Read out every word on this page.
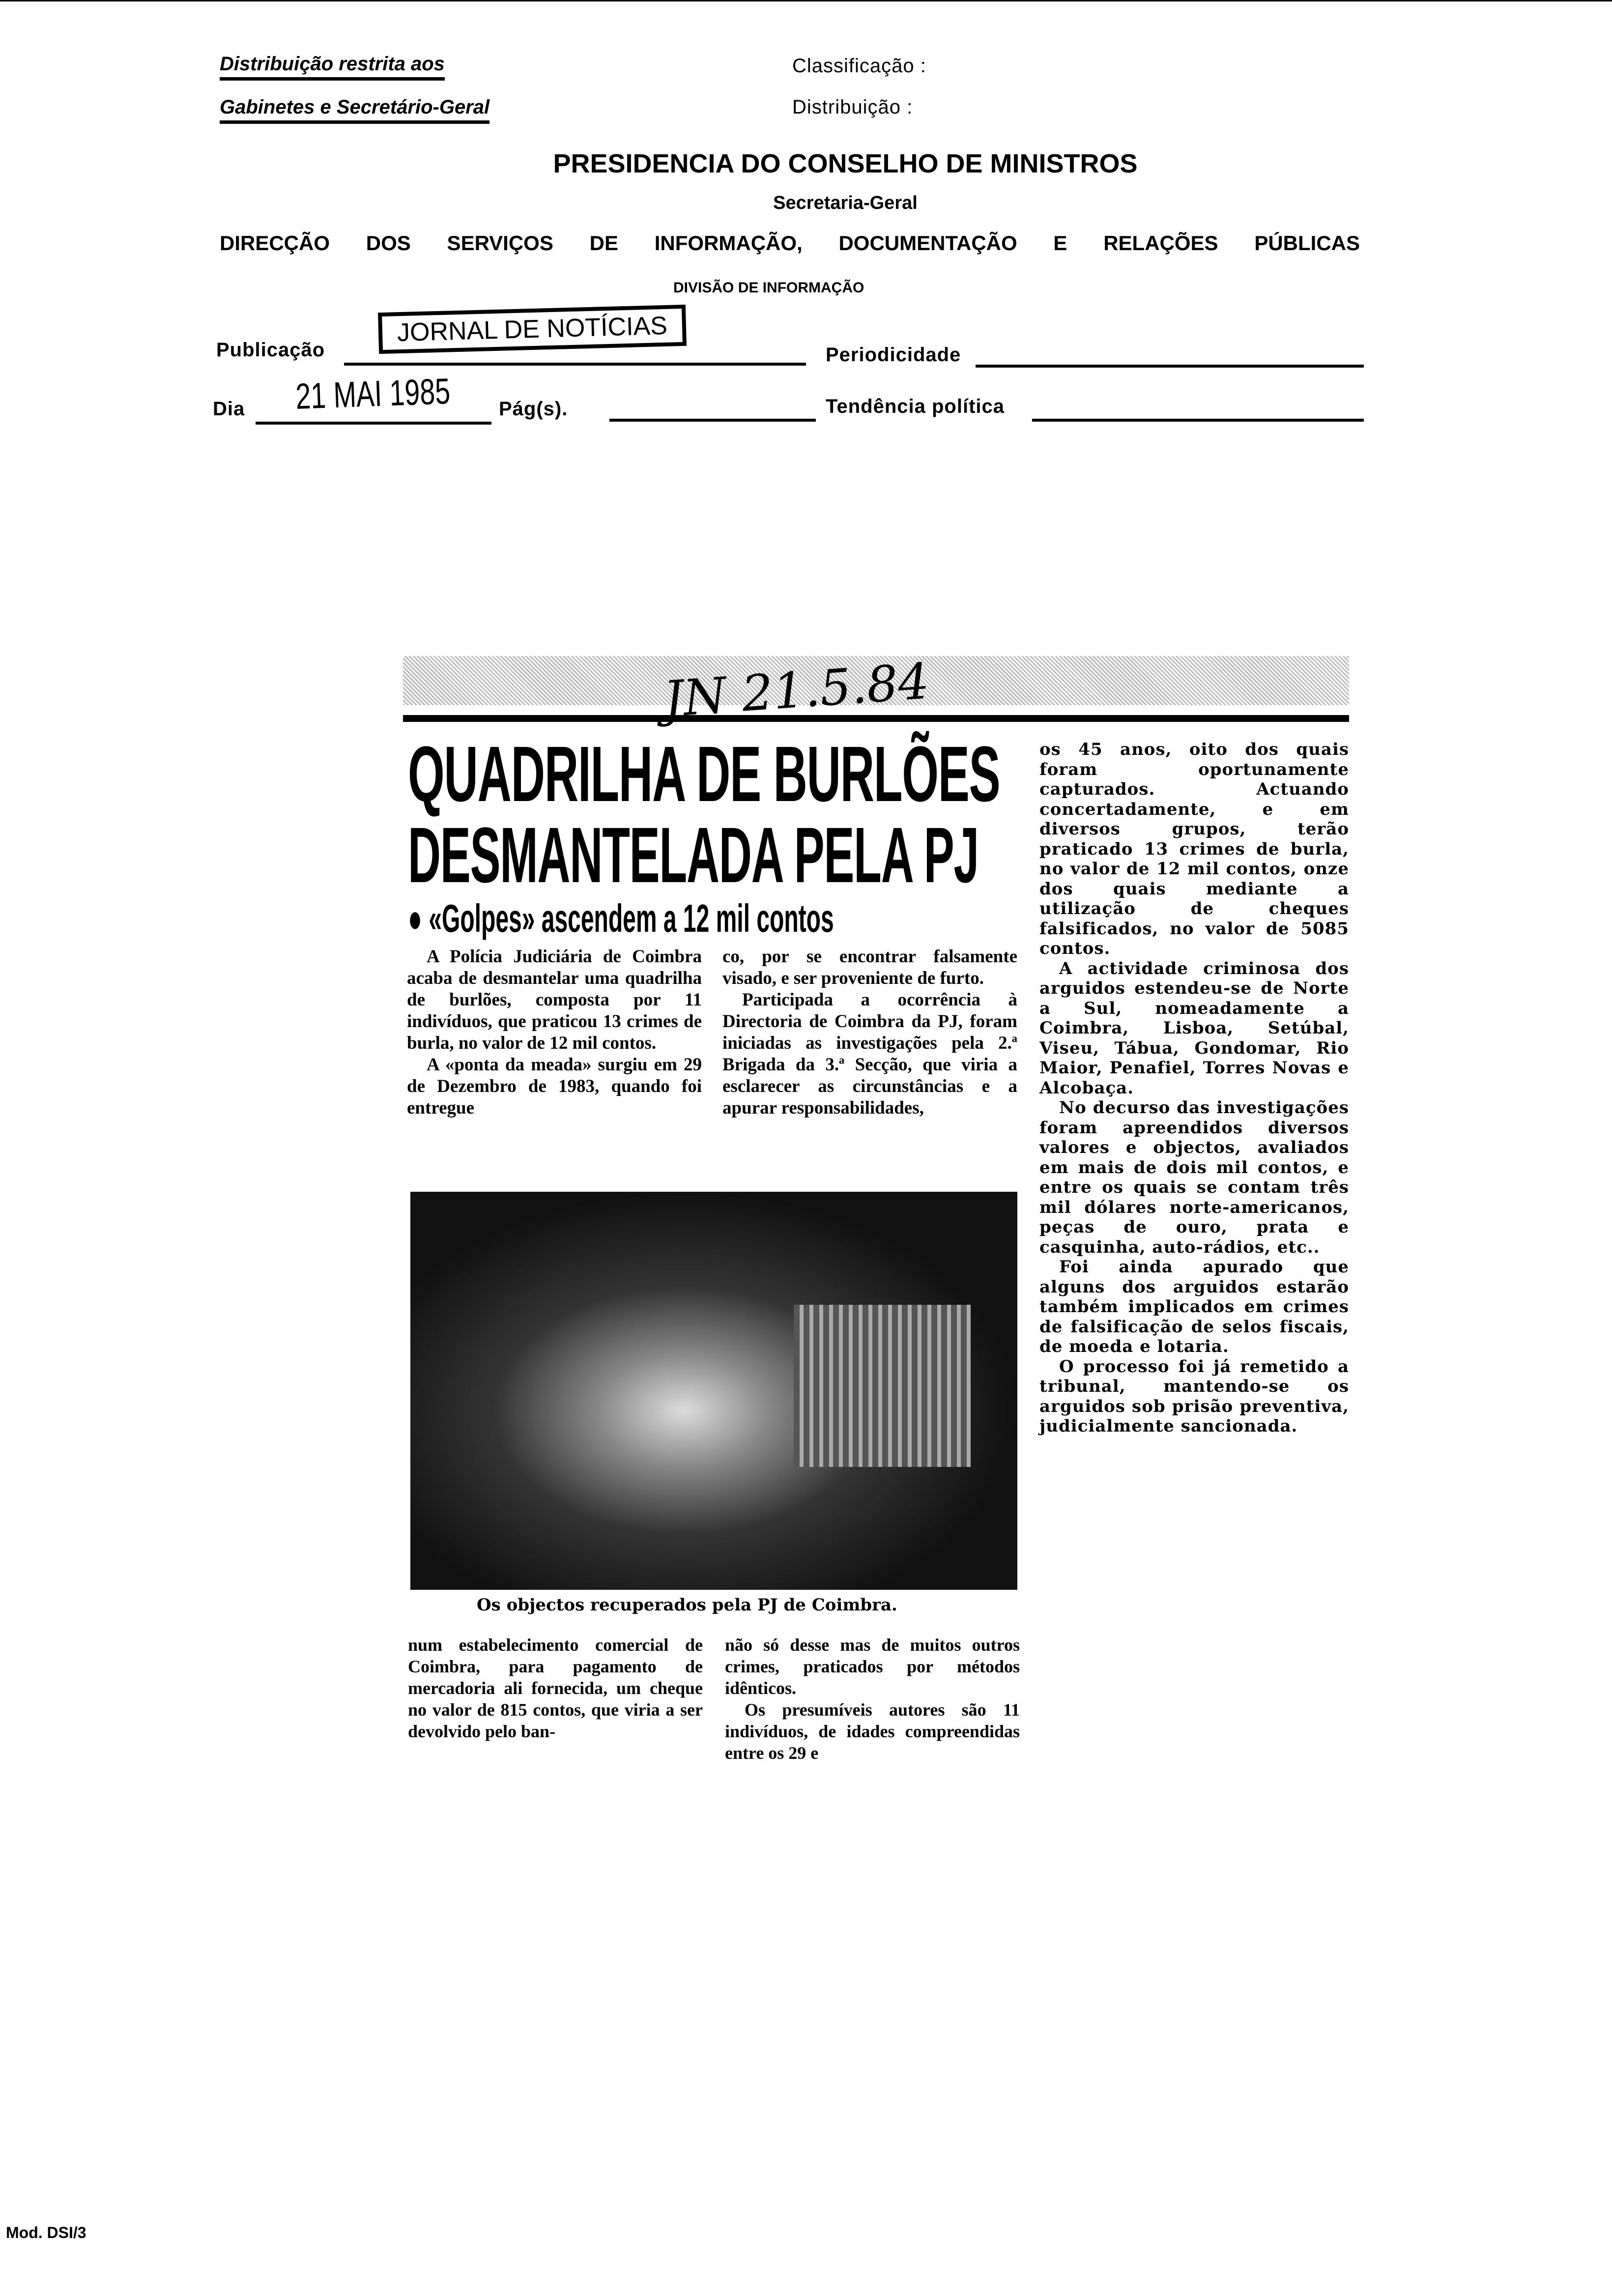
Distribuição restrita aos
Gabinetes e Secretário-Geral
Classificação :
Distribuição :
PRESIDENCIA DO CONSELHO DE MINISTROS
Secretaria-Geral
DIRECÇÃO DOS SERVIÇOS DE INFORMAÇÃO, DOCUMENTAÇÃO E RELAÇÕES PÚBLICAS
DIVISÃO DE INFORMAÇÃO
Publicação
JORNAL DE NOTÍCIAS
Periodicidade
Dia 21 MAI 1985 Pág(s).	Tendência política
JN 21.5.84
QUADRILHA DE BURLÕES
DESMANTELADA PELA PJ
● «Golpes» ascendem a 12 mil contos

A Polícia Judiciária de Coimbra acaba de desmantelar uma quadrilha de burlões, composta por 11 indivíduos, que praticou 13 crimes de burla, no valor de 12 mil contos.

A «ponta da meada» surgiu em 29 de Dezembro de 1983, quando foi entregue

co, por se encontrar falsamente visado, e ser proveniente de furto.

Participada a ocorrência à Directoria de Coimbra da PJ, foram iniciadas as investigações pela 2.ª Brigada da 3.ª Secção, que viria a esclarecer as circunstâncias e a apurar responsabilidades,

Os objectos recuperados pela PJ de Coimbra.

num estabelecimento comercial de Coimbra, para pagamento de mercadoria ali fornecida, um cheque no valor de 815 contos, que viria a ser devolvido pelo ban-

não só desse mas de muitos outros crimes, praticados por métodos idênticos.

Os presumíveis autores são 11 indivíduos, de idades compreendidas entre os 29 e

os 45 anos, oito dos quais foram oportunamente capturados. Actuando concertadamente, e em diversos grupos, terão praticado 13 crimes de burla, no valor de 12 mil contos, onze dos quais mediante a utilização de cheques falsificados, no valor de 5085 contos.

A actividade criminosa dos arguidos estendeu-se de Norte a Sul, nomeadamente a Coimbra, Lisboa, Setúbal, Viseu, Tábua, Gondomar, Rio Maior, Penafiel, Torres Novas e Alcobaça.

No decurso das investigações foram apreendidos diversos valores e objectos, avaliados em mais de dois mil contos, e entre os quais se contam três mil dólares norte-americanos, peças de ouro, prata e casquinha, auto-rádios, etc..

Foi ainda apurado que alguns dos arguidos estarão também implicados em crimes de falsificação de selos fiscais, de moeda e lotaria.

O processo foi já remetido a tribunal, mantendo-se os arguidos sob prisão preventiva, judicialmente sancionada.

Mod. DSI/3
